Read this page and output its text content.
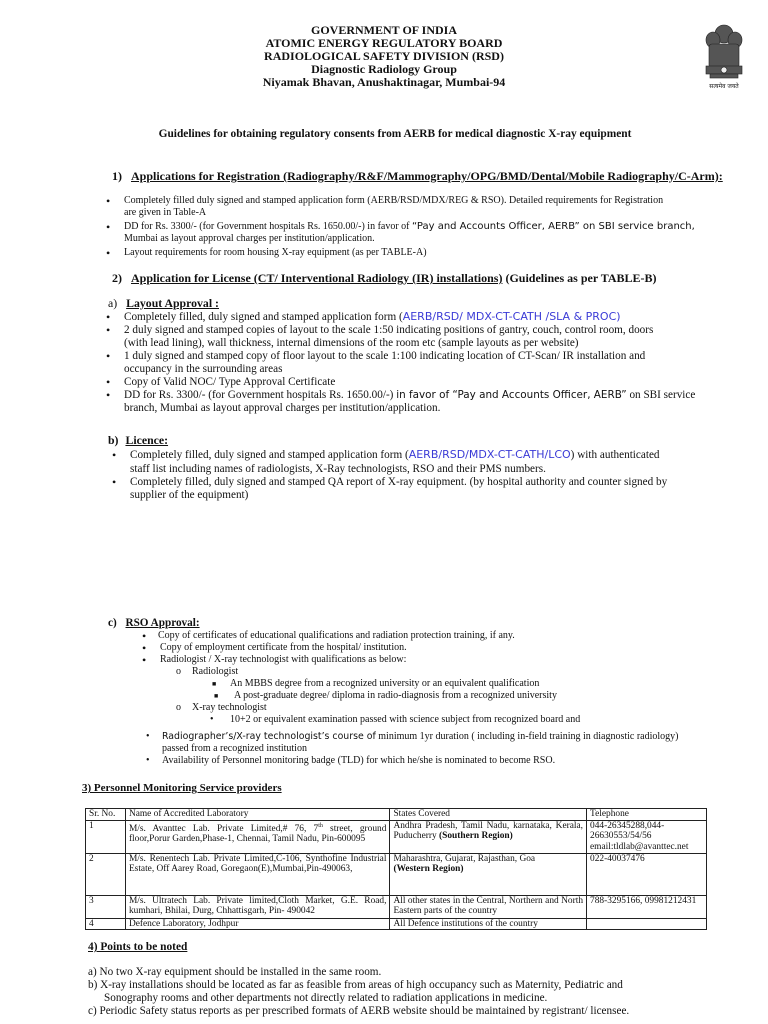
GOVERNMENT OF INDIA
ATOMIC ENERGY REGULATORY BOARD
RADIOLOGICAL SAFETY DIVISION (RSD)
Diagnostic Radiology Group
Niyamak Bhavan, Anushaktinagar, Mumbai-94	सत्यमेव जयते
Guidelines for obtaining regulatory consents from AERB for medical diagnostic X-ray equipment
1) Applications for Registration (Radiography/R&F/Mammography/OPG/BMD/Dental/Mobile Radiography/C-Arm):
• Completely filled duly signed and stamped application form (AERB/RSD/MDX/REG & RSO). Detailed requirements for Registration
are given in Table-A
• DD for Rs. 3300/- (for Government hospitals Rs. 1650.00/-) in favor of “Pay and Accounts Officer, AERB” on SBI service branch,
Mumbai as layout approval charges per institution/application.
• Layout requirements for room housing X-ray equipment (as per TABLE-A)
2) Application for License (CT/ Interventional Radiology (IR) installations) (Guidelines as per TABLE-B)
a) Layout Approval :
• Completely filled, duly signed and stamped application form (AERB/RSD/ MDX-CT-CATH /SLA & PROC)
• 2 duly signed and stamped copies of layout to the scale 1:50 indicating positions of gantry, couch, control room, doors
(with lead lining), wall thickness, internal dimensions of the room etc (sample layouts as per website)
• 1 duly signed and stamped copy of floor layout to the scale 1:100 indicating location of CT-Scan/ IR installation and
occupancy in the surrounding areas
• Copy of Valid NOC/ Type Approval Certificate
• DD for Rs. 3300/- (for Government hospitals Rs. 1650.00/-) in favor of “Pay and Accounts Officer, AERB” on SBI service
branch, Mumbai as layout approval charges per institution/application.
b) Licence:
• Completely filled, duly signed and stamped application form (AERB/RSD/MDX-CT-CATH/LCO) with authenticated
staff list including names of radiologists, X-Ray technologists, RSO and their PMS numbers.
• Completely filled, duly signed and stamped QA report of X-ray equipment. (by hospital authority and counter signed by
supplier of the equipment)
c) RSO Approval:
• Copy of certificates of educational qualifications and radiation protection training, if any.
• Copy of employment certificate from the hospital/ institution.
• Radiologist / X-ray technologist with qualifications as below:
o Radiologist
■ An MBBS degree from a recognized university or an equivalent qualification
■ A post-graduate degree/ diploma in radio-diagnosis from a recognized university
o X-ray technologist
• 10+2 or equivalent examination passed with science subject from recognized board and
• Radiographer’s/X-ray technologist’s course of minimum 1yr duration ( including in-field training in diagnostic radiology)
passed from a recognized institution
• Availability of Personnel monitoring badge (TLD) for which he/she is nominated to become RSO.
3) Personnel Monitoring Service providers
Sr. No.	Name of Accredited Laboratory	States Covered	Telephone
1	M/s. Avanttec Lab. Private Limited,# 76, 7th street, ground floor,Porur Garden,Phase-1, Chennai, Tamil Nadu, Pin-600095	Andhra Pradesh, Tamil Nadu, karnataka, Kerala, Puducherry (Southern Region)	044-26345288,044-26630553/54/56
email:tldlab@avanttec.net

2	M/s. Renentech Lab. Private Limited,C-106, Synthofine Industrial Estate, Off Aarey Road, Goregaon(E),Mumbai,Pin-490063,	Maharashtra, Gujarat, Rajasthan, Goa
(Western Region)	022-40037476
3	M/s. Ultratech Lab. Private limited,Cloth Market, G.E. Road, kumhari, Bhilai, Durg, Chhattisgarh, Pin- 490042	All other states in the Central, Northern and North Eastern parts of the country	788-3295166, 09981212431
4	Defence Laboratory, Jodhpur	All Defence institutions of the country	
4) Points to be noted
a) No two X-ray equipment should be installed in the same room.
b) X-ray installations should be located as far as feasible from areas of high occupancy such as Maternity, Pediatric and
Sonography rooms and other departments not directly related to radiation applications in medicine.
c) Periodic Safety status reports as per prescribed formats of AERB website should be maintained by registrant/ licensee.
